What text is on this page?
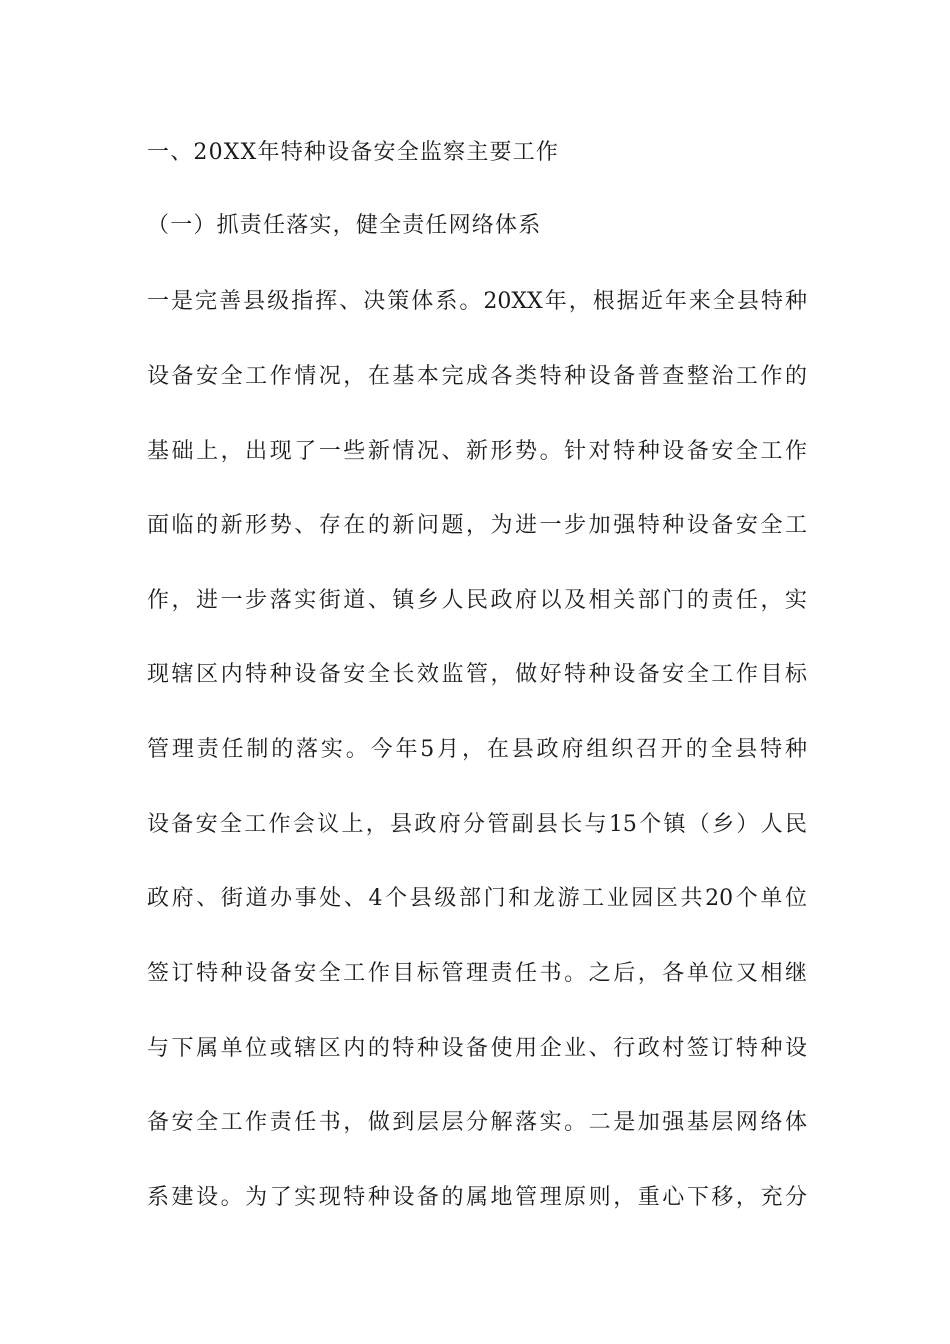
一、20XX年特种设备安全监察主要工作
（一）抓责任落实，健全责任网络体系
一是完善县级指挥、决策体系。20XX年，根据近年来全县特种
设备安全工作情况，在基本完成各类特种设备普查整治工作的
基础上，出现了一些新情况、新形势。针对特种设备安全工作
面临的新形势、存在的新问题，为进一步加强特种设备安全工
作，进一步落实街道、镇乡人民政府以及相关部门的责任，实
现辖区内特种设备安全长效监管，做好特种设备安全工作目标
管理责任制的落实。今年5月，在县政府组织召开的全县特种
设备安全工作会议上，县政府分管副县长与15个镇（乡）人民
政府、街道办事处、4个县级部门和龙游工业园区共20个单位
签订特种设备安全工作目标管理责任书。之后，各单位又相继
与下属单位或辖区内的特种设备使用企业、行政村签订特种设
备安全工作责任书，做到层层分解落实。二是加强基层网络体
系建设。为了实现特种设备的属地管理原则，重心下移，充分
